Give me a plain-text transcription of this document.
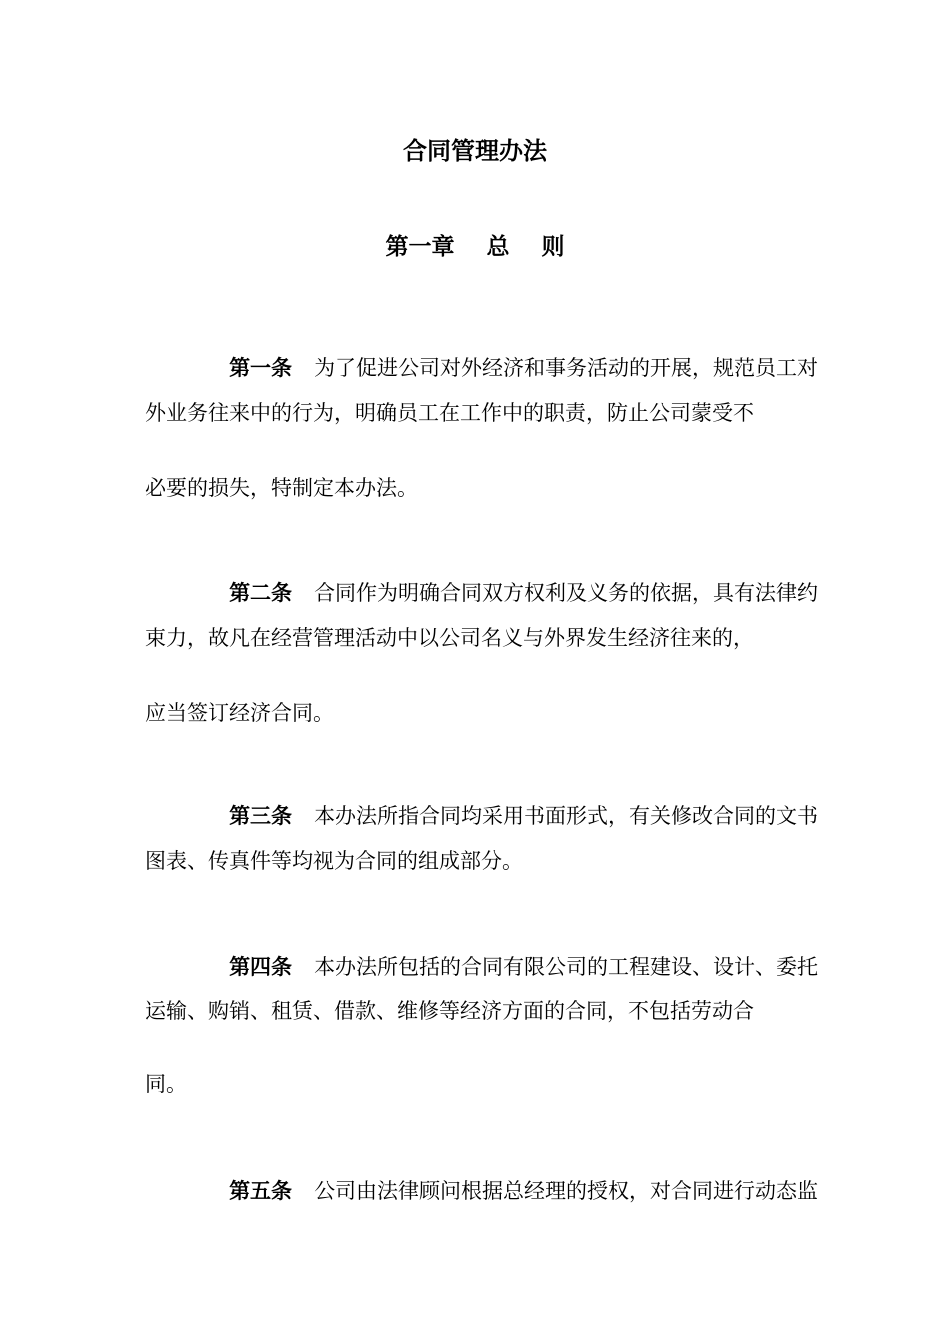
合同管理办法
第一章    总    则

第一条 为了促进公司对外经济和事务活动的开展，规范员工对

外业务往来中的行为，明确员工在工作中的职责，防止公司蒙受不
必要的损失，特制定本办法。

第二条 合同作为明确合同双方权利及义务的依据，具有法律约

束力，故凡在经营管理活动中以公司名义与外界发生经济往来的，
应当签订经济合同。

第三条 本办法所指合同均采用书面形式，有关修改合同的文书

图表、传真件等均视为合同的组成部分。

第四条 本办法所包括的合同有限公司的工程建设、设计、委托

运输、购销、租赁、借款、维修等经济方面的合同，不包括劳动合
同。

第五条 公司由法律顾问根据总经理的授权，对合同进行动态监
